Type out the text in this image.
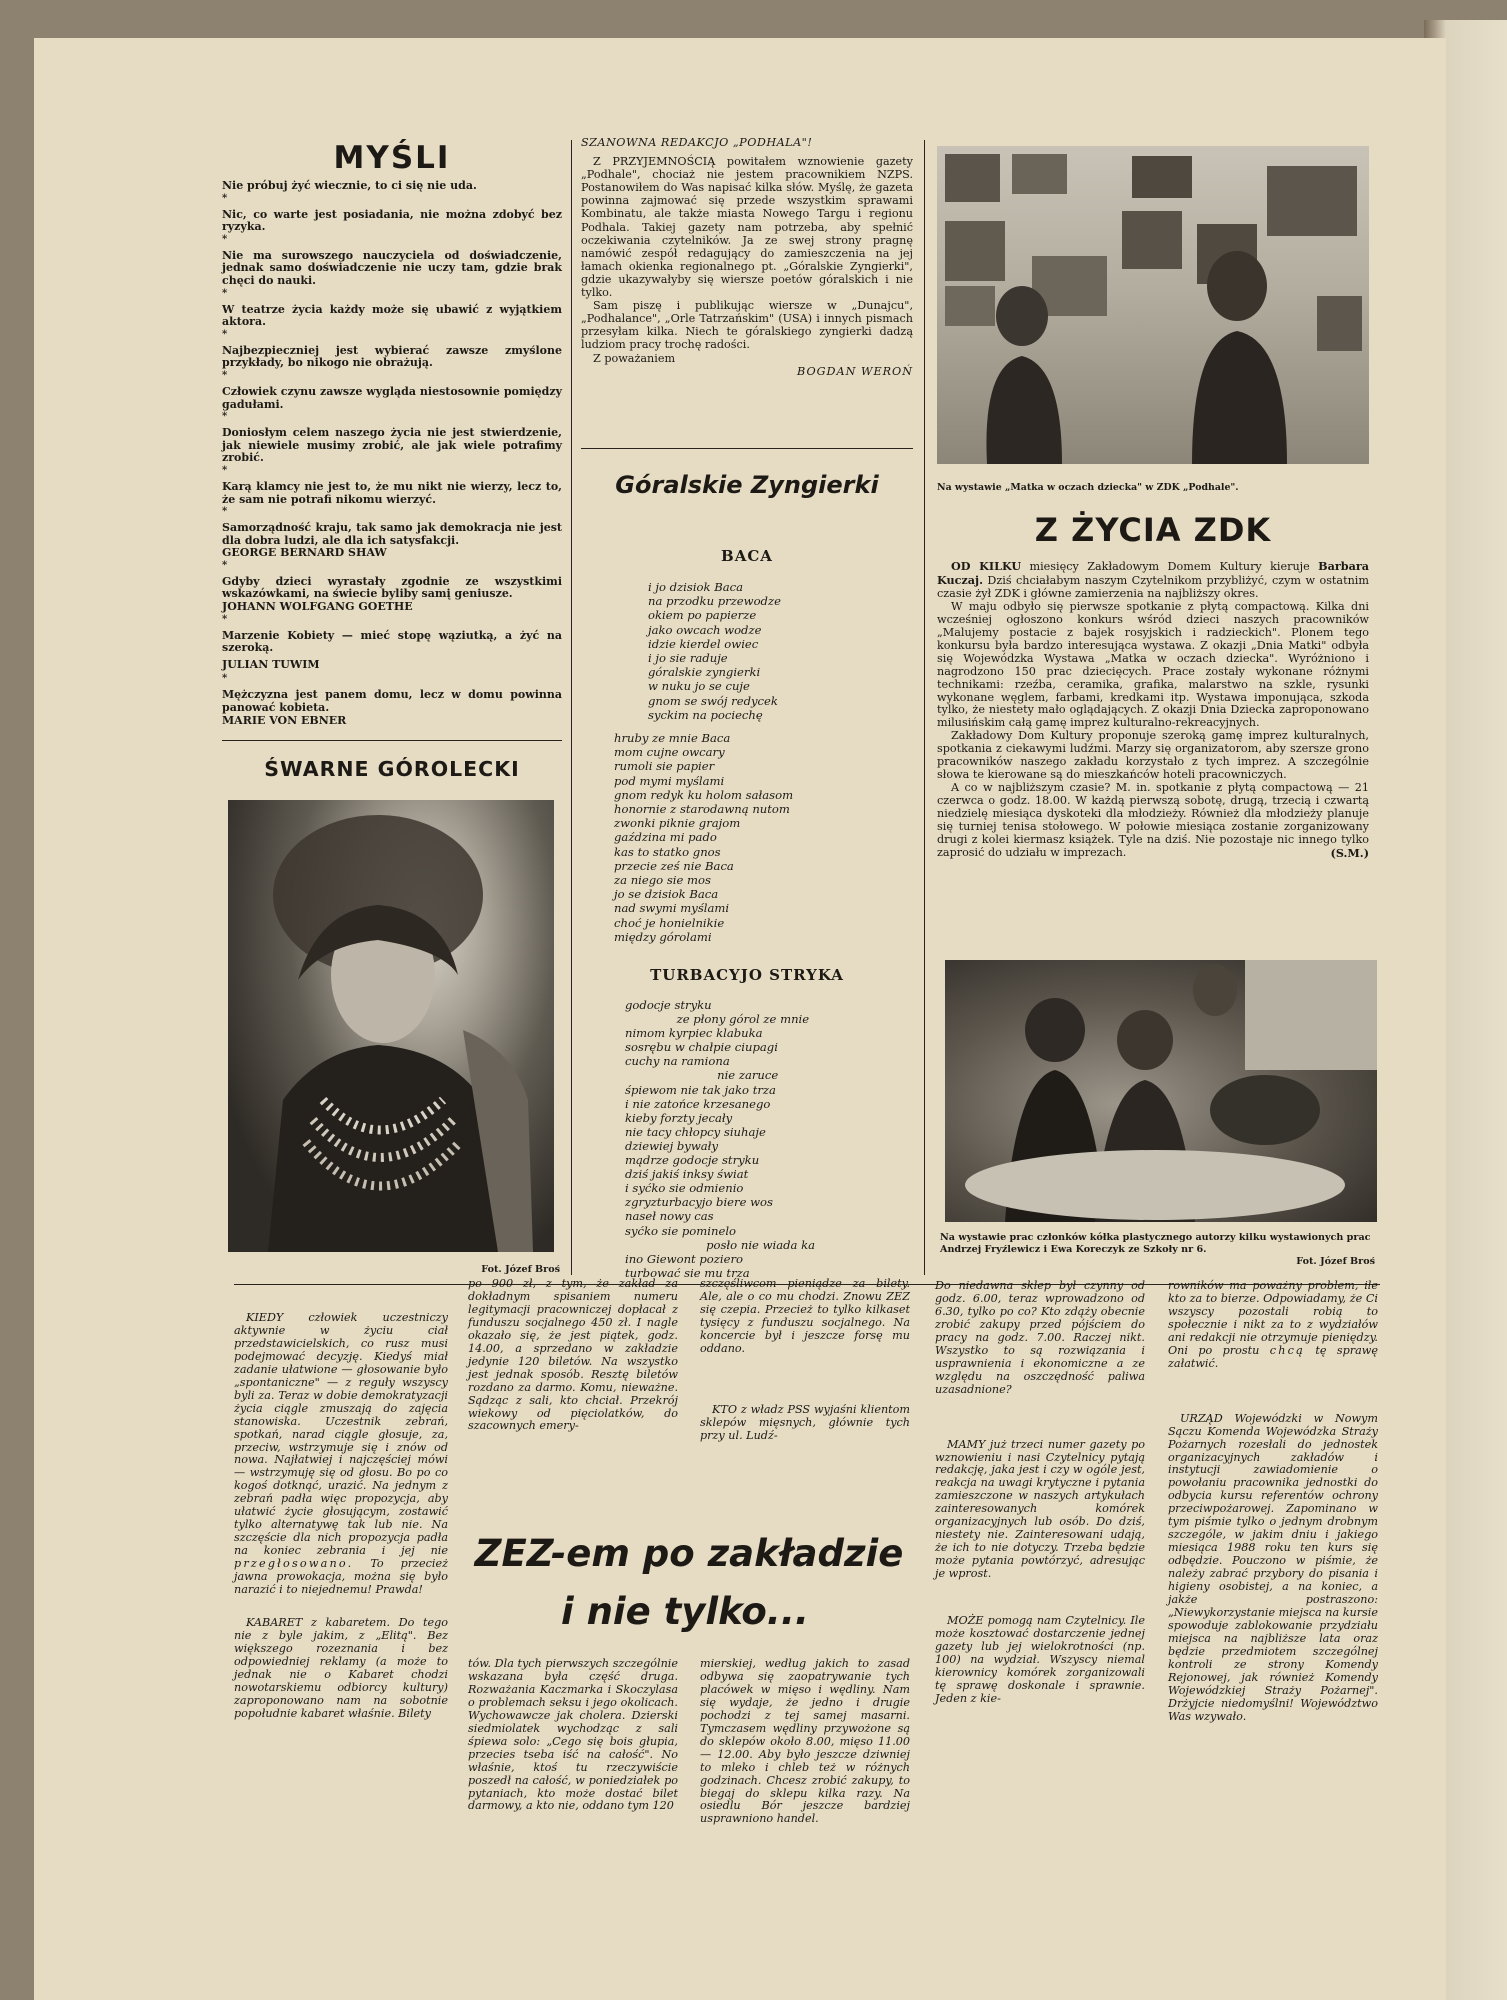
MYŚLI

Nie próbuj żyć wiecznie, to ci się nie uda.

*

Nic, co warte jest posiadania, nie można zdobyć bez ryzyka.

*

Nie ma surowszego nauczyciela od doświadczenie, jednak samo doświadczenie nie uczy tam, gdzie brak chęci do nauki.

*

W teatrze życia każdy może się ubawić z wyjątkiem aktora.

*

Najbezpieczniej jest wybierać zawsze zmyślone przykłady, bo nikogo nie obrażują.

*

Człowiek czynu zawsze wygląda niestosownie pomiędzy gadułami.

*

Doniosłym celem naszego życia nie jest stwierdzenie, jak niewiele musimy zrobić, ale jak wiele potrafimy zrobić.

*

Karą klamcy nie jest to, że mu nikt nie wierzy, lecz to, że sam nie potrafi nikomu wierzyć.

*

Samorządność kraju, tak samo jak demokracja nie jest dla dobra ludzi, ale dla ich satysfakcji.

GEORGE BERNARD SHAW

*

Gdyby dzieci wyrastały zgodnie ze wszystkimi wskazówkami, na świecie byliby samį geniusze.

JOHANN WOLFGANG GOETHE

*

Marzenie Kobiety — mieć stopę wąziutką, a żyć na szeroką.

JULIAN TUWIM

*

Mężczyzna jest panem domu, lecz w domu powinna panować kobieta.

MARIE VON EBNER

ŚWARNE GÓROLECKI
Fot. Józef Broś

SZANOWNA REDAKCJO „PODHALA"!

Z PRZYJEMNOŚCIĄ powitałem wznowienie gazety „Podhale", chociaż nie jestem pracownikiem NZPS. Postanowiłem do Was napisać kilka słów. Myślę, że gazeta powinna zajmować się przede wszystkim sprawami Kombinatu, ale także miasta Nowego Targu i regionu Podhala. Takiej gazety nam potrzeba, aby spełnić oczekiwania czytelników. Ja ze swej strony pragnę namówić zespół redagujący do zamieszczenia na jej łamach okienka regionalnego pt. „Góralskie Zyngierki", gdzie ukazywałyby się wiersze poetów góralskich i nie tylko.

Sam piszę i publikując wiersze w „Dunajcu", „Podhalance", „Orle Tatrzańskim" (USA) i innych pismach przesyłam kilka. Niech te góralskiego zyngierki dadzą ludziom pracy trochę radości.

Z poważaniem

BOGDAN WEROŃ

Góralskie Zyngierki
BACA
i jo dzisiok Baca
na przodku przewodze
okiem po papierze
jako owcach wodze
idzie kierdel owiec
i jo sie raduje
góralskie zyngierki
w nuku jo se cuje
gnom se swój redycek
syckim na pociechę
hruby ze mnie Baca
mom cujne owcary
rumoli sie papier
pod mymi myślami
gnom redyk ku holom sałasom
honornie z starodawną nutom
zwonki piknie grajom
gaździna mi pado
kas to statko gnos
przecie ześ nie Baca
za niego sie mos
jo se dzisiok Baca
nad swymi myślami
choć je honielnikie
między górolami
TURBACYJO STRYKA
godocje stryku
ze płony górol ze mnie
nimom kyrpiec klabuka
sosrębu w chałpie ciupagi
cuchy na ramiona
nie zaruce
śpiewom nie tak jako trza
i nie zatońce krzesanego
kieby forzty jecały
nie tacy chłopcy siuhaje
dziewiej bywały
mądrze godocje stryku
dziś jakiś inksy świat
i syćko sie odmienio
zgryzturbacyjo biere wos
naseł nowy cas
syćko sie pominelo
posło nie wiada ka
ino Giewont poziero
turbować sie mu trza
Na wystawie „Matka w oczach dziecka" w ZDK „Podhale".
Z ŻYCIA ZDK

OD KILKU miesięcy Zakładowym Domem Kultury kieruje Barbara Kuczaj. Dziś chciałabym naszym Czytelnikom przybliżyć, czym w ostatnim czasie żył ZDK i główne zamierzenia na najbliższy okres.

W maju odbyło się pierwsze spotkanie z płytą compactową. Kilka dni wcześniej ogłoszono konkurs wśród dzieci naszych pracowników „Malujemy postacie z bajek rosyjskich i radzieckich". Plonem tego konkursu była bardzo interesująca wystawa. Z okazji „Dnia Matki" odbyła się Wojewódzka Wystawa „Matka w oczach dziecka". Wyróżniono i nagrodzono 150 prac dziecięcych. Prace zostały wykonane różnymi technikami: rzeźba, ceramika, grafika, malarstwo na szkle, rysunki wykonane węglem, farbami, kredkami itp. Wystawa imponująca, szkoda tylko, że niestety mało oglądających. Z okazji Dnia Dziecka zaproponowano milusińskim całą gamę imprez kulturalno-rekreacyjnych.

Zakładowy Dom Kultury proponuje szeroką gamę imprez kulturalnych, spotkania z ciekawymi ludźmi. Marzy się organizatorom, aby szersze grono pracowników naszego zakładu korzystało z tych imprez. A szczególnie słowa te kierowane są do mieszkańców hoteli pracowniczych.

A co w najbliższym czasie? M. in. spotkanie z płytą compactową — 21 czerwca o godz. 18.00. W każdą pierwszą sobotę, drugą, trzecią i czwartą niedzielę miesiąca dyskoteki dla młodzieży. Również dla młodzieży planuje się turniej tenisa stołowego. W połowie miesiąca zostanie zorganizowany drugi z kolei kiermasz książek. Tyle na dziś. Nie pozostaje nic innego tylko zaprosić do udziału w imprezach.	(S.M.)

Na wystawie prac członków kółka plastycznego autorzy kilku wystawionych prac Andrzej Fryźlewicz i Ewa Koreczyk ze Szkoły nr 6.
Fot. Józef Broś

KIEDY człowiek uczestniczy aktywnie w życiu ciał przedstawicielskich, co rusz musi podejmować decyzję. Kiedyś miał zadanie ułatwione — głosowanie było „spontaniczne" — z reguły wszyscy byli za. Teraz w dobie demokratyzacji życia ciągle zmuszają do zajęcia stanowiska. Uczestnik zebrań, spotkań, narad ciągle głosuje, za, przeciw, wstrzymuje się i znów od nowa. Najłatwiej i najczęściej mówi — wstrzymuję się od głosu. Bo po co kogoś dotknąć, urazić. Na jednym z zebrań padła więc propozycja, aby ułatwić życie głosującym, zostawić tylko alternatywę tak lub nie. Na szczęście dla nich propozycja padła na koniec zebrania i jej nie przegłosowano. To przecież jawna prowokacja, można się było narazić i to niejednemu! Prawda!

KABARET z kabaretem. Do tego nie z byle jakim, z „Elitą". Bez większego rozeznania i bez odpowiedniej reklamy (a może to jednak nie o Kabaret chodzi nowotarskiemu odbiorcy kultury) zaproponowano nam na sobotnie popołudnie kabaret właśnie. Bilety

po 900 zł, z tym, że zakład za dokładnym spisaniem numeru legitymacji pracowniczej dopłacał z funduszu socjalnego 450 zł. I nagle okazało się, że jest piątek, godz. 14.00, a sprzedano w zakładzie jedynie 120 biletów. Na wszystko jest jednak sposób. Resztę biletów rozdano za darmo. Komu, nieważne. Sądząc z sali, kto chciał. Przekrój wiekowy od pięciolatków, do szacownych emery-

tów. Dla tych pierwszych szczególnie wskazana była część druga. Rozważania Kaczmarka i Skoczylasa o problemach seksu i jego okolicach. Wychowawcze jak cholera. Dzierski siedmiolatek wychodząc z sali śpiewa solo: „Cego się bois głupia, przecies tseba iść na całość". No właśnie, ktoś tu rzeczywiście poszedł na całość, w poniedziałek po pytaniach, kto może dostać bilet darmowy, a kto nie, oddano tym 120

szczęśliwcom pieniądze za bilety. Ale, ale o co mu chodzi. Znowu ZEZ się czepia. Przecież to tylko kilkaset tysięcy z funduszu socjalnego. Na koncercie był i jeszcze forsę mu oddano.

KTO z władz PSS wyjaśni klientom sklepów mięsnych, głównie tych przy ul. Ludź-

mierskiej, według jakich to zasad odbywa się zaopatrywanie tych placówek w mięso i wędliny. Nam się wydaje, że jedno i drugie pochodzi z tej samej masarni. Tymczasem wędliny przywożone są do sklepów około 8.00, mięso 11.00 — 12.00. Aby było jeszcze dziwniej to mleko i chleb też w różnych godzinach. Chcesz zrobić zakupy, to biegaj do sklepu kilka razy. Na osiedlu Bór jeszcze bardziej usprawniono handel.

ZEZ-em po zakładzie
i nie tylko...

Do niedawna sklep był czynny od godz. 6.00, teraz wprowadzono od 6.30, tylko po co? Kto zdąży obecnie zrobić zakupy przed pójściem do pracy na godz. 7.00. Raczej nikt. Wszystko to są rozwiązania i usprawnienia i ekonomiczne a ze względu na oszczędność paliwa uzasadnione?

MAMY już trzeci numer gazety po wznowieniu i nasi Czytelnicy pytają redakcję, jaka jest i czy w ogóle jest, reakcja na uwagi krytyczne i pytania zamieszczone w naszych artykułach zainteresowanych komórek organizacyjnych lub osób. Do dziś, niestety nie. Zainteresowani udają, że ich to nie dotyczy. Trzeba będzie może pytania powtórzyć, adresując je wprost.

MOŻE pomogą nam Czytelnicy. Ile może kosztować dostarczenie jednej gazety lub jej wielokrotności (np. 100) na wydział. Wszyscy niemal kierownicy komórek zorganizowali tę sprawę doskonale i sprawnie. Jeden z kie-

rowników ma poważny problem, ile kto za to bierze. Odpowiadamy, że Ci wszyscy pozostali robią to społecznie i nikt za to z wydziałów ani redakcji nie otrzymuje pieniędzy. Oni po prostu chcą tę sprawę załatwić.

URZĄD Wojewódzki w Nowym Sączu Komenda Wojewódzka Straży Pożarnych rozesłali do jednostek organizacyjnych zakładów i instytucji zawiadomienie o powołaniu pracownika jednostki do odbycia kursu referentów ochrony przeciwpożarowej. Zapominano w tym piśmie tylko o jednym drobnym szczególe, w jakim dniu i jakiego miesiąca 1988 roku ten kurs się odbędzie. Pouczono w piśmie, że należy zabrać przybory do pisania i higieny osobistej, a na koniec, a jakże postraszono: „Niewykorzystanie miejsca na kursie spowoduje zablokowanie przydziału miejsca na najbliższe lata oraz będzie przedmiotem szczególnej kontroli ze strony Komendy Rejonowej, jak również Komendy Wojewódzkiej Straży Pożarnej". Drżyjcie niedomyślni! Województwo Was wzywało.
